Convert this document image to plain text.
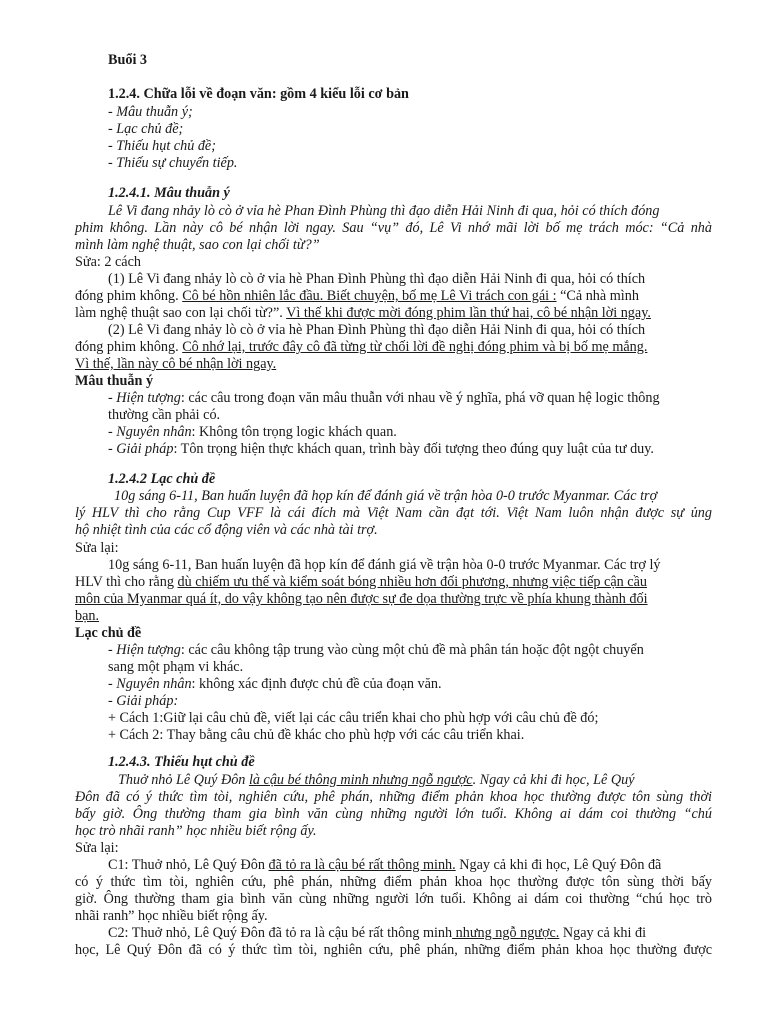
Buổi 3
1.2.4. Chữa lỗi về đoạn văn: gồm 4 kiểu lỗi cơ bản
- Mâu thuẫn ý;
- Lạc chủ đề;
- Thiếu hụt chủ đề;
- Thiếu sự chuyển tiếp.
1.2.4.1. Mâu thuẫn ý
Lê Vi đang nhảy lò cò ở vỉa hè Phan Đình Phùng thì đạo diễn Hải Ninh đi qua, hỏi có thích đóng
phim không. Lần này cô bé nhận lời ngay. Sau “vụ” đó, Lê Vi nhớ mãi lời bố mẹ trách móc: “Cả nhà
mình làm nghệ thuật, sao con lại chối từ?”
Sửa: 2 cách
(1) Lê Vi đang nhảy lò cò ở vỉa hè Phan Đình Phùng thì đạo diễn Hải Ninh đi qua, hỏi có thích
đóng phim không. Cô bé hồn nhiên lắc đầu. Biết chuyện, bố mẹ Lê Vi trách con gái : “Cả nhà mình
làm nghệ thuật sao con lại chối từ?”. Vì thế khi được mời đóng phim lần thứ hai, cô bé nhận lời ngay.
(2) Lê Vi đang nhảy lò cò ở vỉa hè Phan Đình Phùng thì đạo diễn Hải Ninh đi qua, hỏi có thích
đóng phim không. Cô nhớ lại, trước đây cô đã từng từ chối lời đề nghị đóng phim và bị bố mẹ mắng.
Vì thế, lần này cô bé nhận lời ngay.
Mâu thuẫn ý
- Hiện tượng: các câu trong đoạn văn mâu thuẫn với nhau về ý nghĩa, phá vỡ quan hệ logic thông
thường cần phải có.
- Nguyên nhân: Không tôn trọng logic khách quan.
- Giải pháp: Tôn trọng hiện thực khách quan, trình bày đối tượng theo đúng quy luật của tư duy.
1.2.4.2 Lạc chủ đề
10g sáng 6-11, Ban huấn luyện đã họp kín để đánh giá về trận hòa 0-0 trước Myanmar. Các trợ
lý HLV thì cho rằng Cup VFF là cái đích mà Việt Nam cần đạt tới. Việt Nam luôn nhận được sự ủng
hộ nhiệt tình của các cổ động viên và các nhà tài trợ.
Sửa lại:
10g sáng 6-11, Ban huấn luyện đã họp kín để đánh giá về trận hòa 0-0 trước Myanmar. Các trợ lý
HLV thì cho rằng dù chiếm ưu thế và kiểm soát bóng nhiều hơn đối phương, nhưng việc tiếp cận cầu
môn của Myanmar quá ít, do vậy không tạo nên được sự đe dọa thường trực về phía khung thành đối
bạn.
Lạc chủ đề
- Hiện tượng: các câu không tập trung vào cùng một chủ đề mà phân tán hoặc đột ngột chuyển
sang một phạm vi khác.
- Nguyên nhân: không xác định được chủ đề của đoạn văn.
- Giải pháp:
+ Cách 1:Giữ lại câu chủ đề, viết lại các câu triển khai cho phù hợp với câu chủ đề đó;
+ Cách 2: Thay bằng câu chủ đề khác cho phù hợp với các câu triển khai.
1.2.4.3. Thiếu hụt chủ đề
Thuở nhỏ Lê Quý Đôn là cậu bé thông minh nhưng ngỗ ngược. Ngay cả khi đi học, Lê Quý
Đôn đã có ý thức tìm tòi, nghiên cứu, phê phán, những điểm phản khoa học thường được tôn sùng thời
bấy giờ. Ông thường tham gia bình văn cùng những người lớn tuổi. Không ai dám coi thường “chú
học trò nhãi ranh” học nhiều biết rộng ấy.
Sửa lại:
C1: Thuở nhỏ, Lê Quý Đôn đã tỏ ra là cậu bé rất thông minh. Ngay cả khi đi học, Lê Quý Đôn đã
có ý thức tìm tòi, nghiên cứu, phê phán, những điểm phản khoa học thường được tôn sùng thời bấy
giờ. Ông thường tham gia bình văn cùng những người lớn tuổi. Không ai dám coi thường “chú học trò
nhãi ranh” học nhiều biết rộng ấy.
C2: Thuở nhỏ, Lê Quý Đôn đã tỏ ra là cậu bé rất thông minh nhưng ngỗ ngược. Ngay cả khi đi
học, Lê Quý Đôn đã có ý thức tìm tòi, nghiên cứu, phê phán, những điểm phản khoa học thường được
